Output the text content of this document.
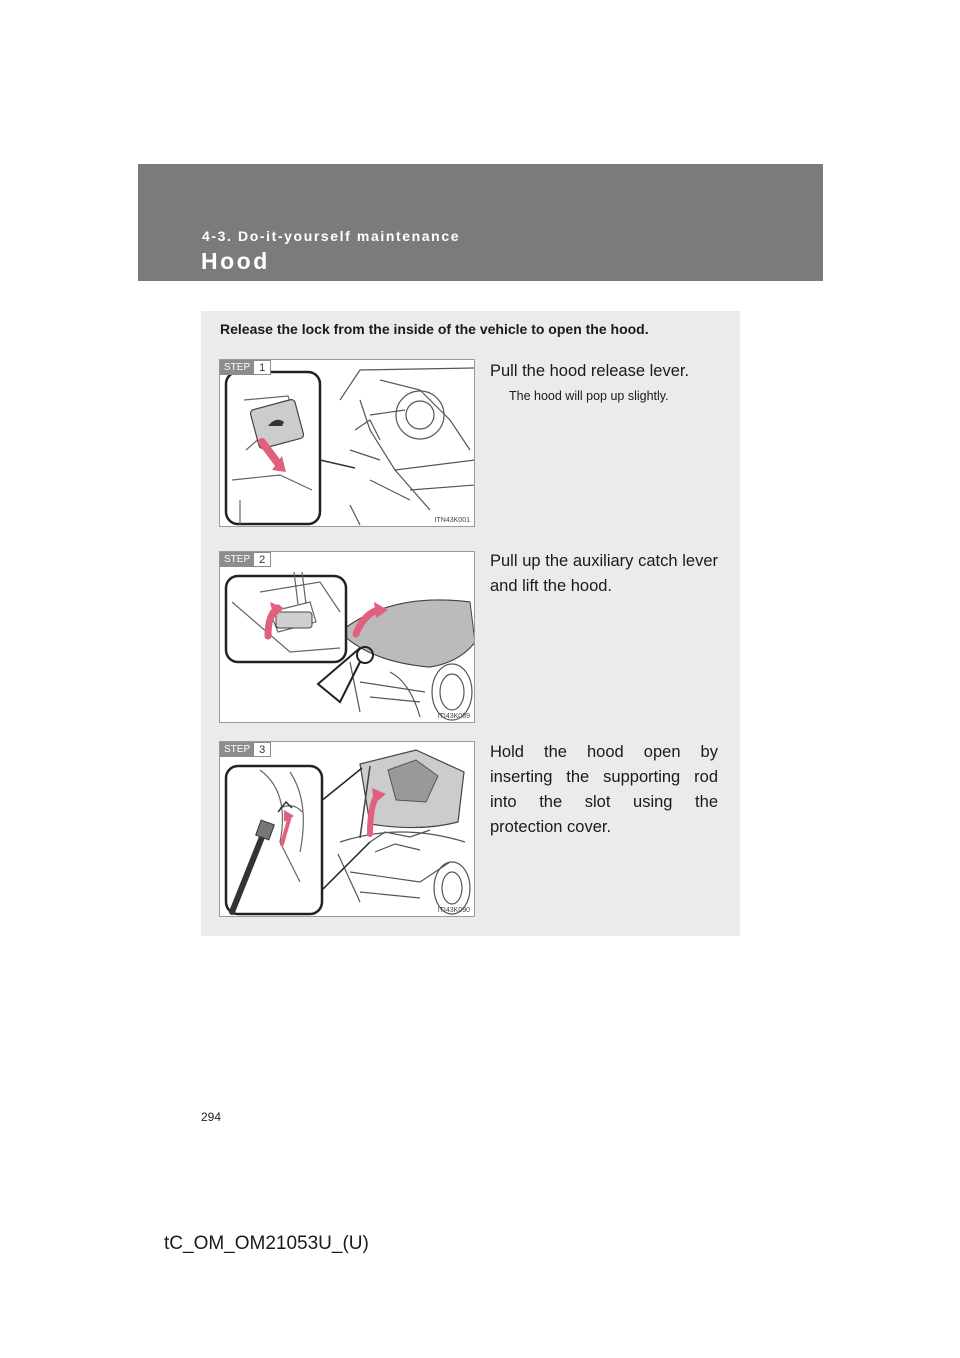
4-3. Do-it-yourself maintenance
Hood
Release the lock from the inside of the vehicle to open the hood.
STEP 1
ITN43K001
Pull the hood release lever.
The hood will pop up slightly.
STEP 2
ITI43K089
Pull up the auxiliary catch lever and lift the hood.
STEP 3
ITI43K090
Hold the hood open by inserting the supporting rod into the slot using the protection cover.
294
tC_OM_OM21053U_(U)
